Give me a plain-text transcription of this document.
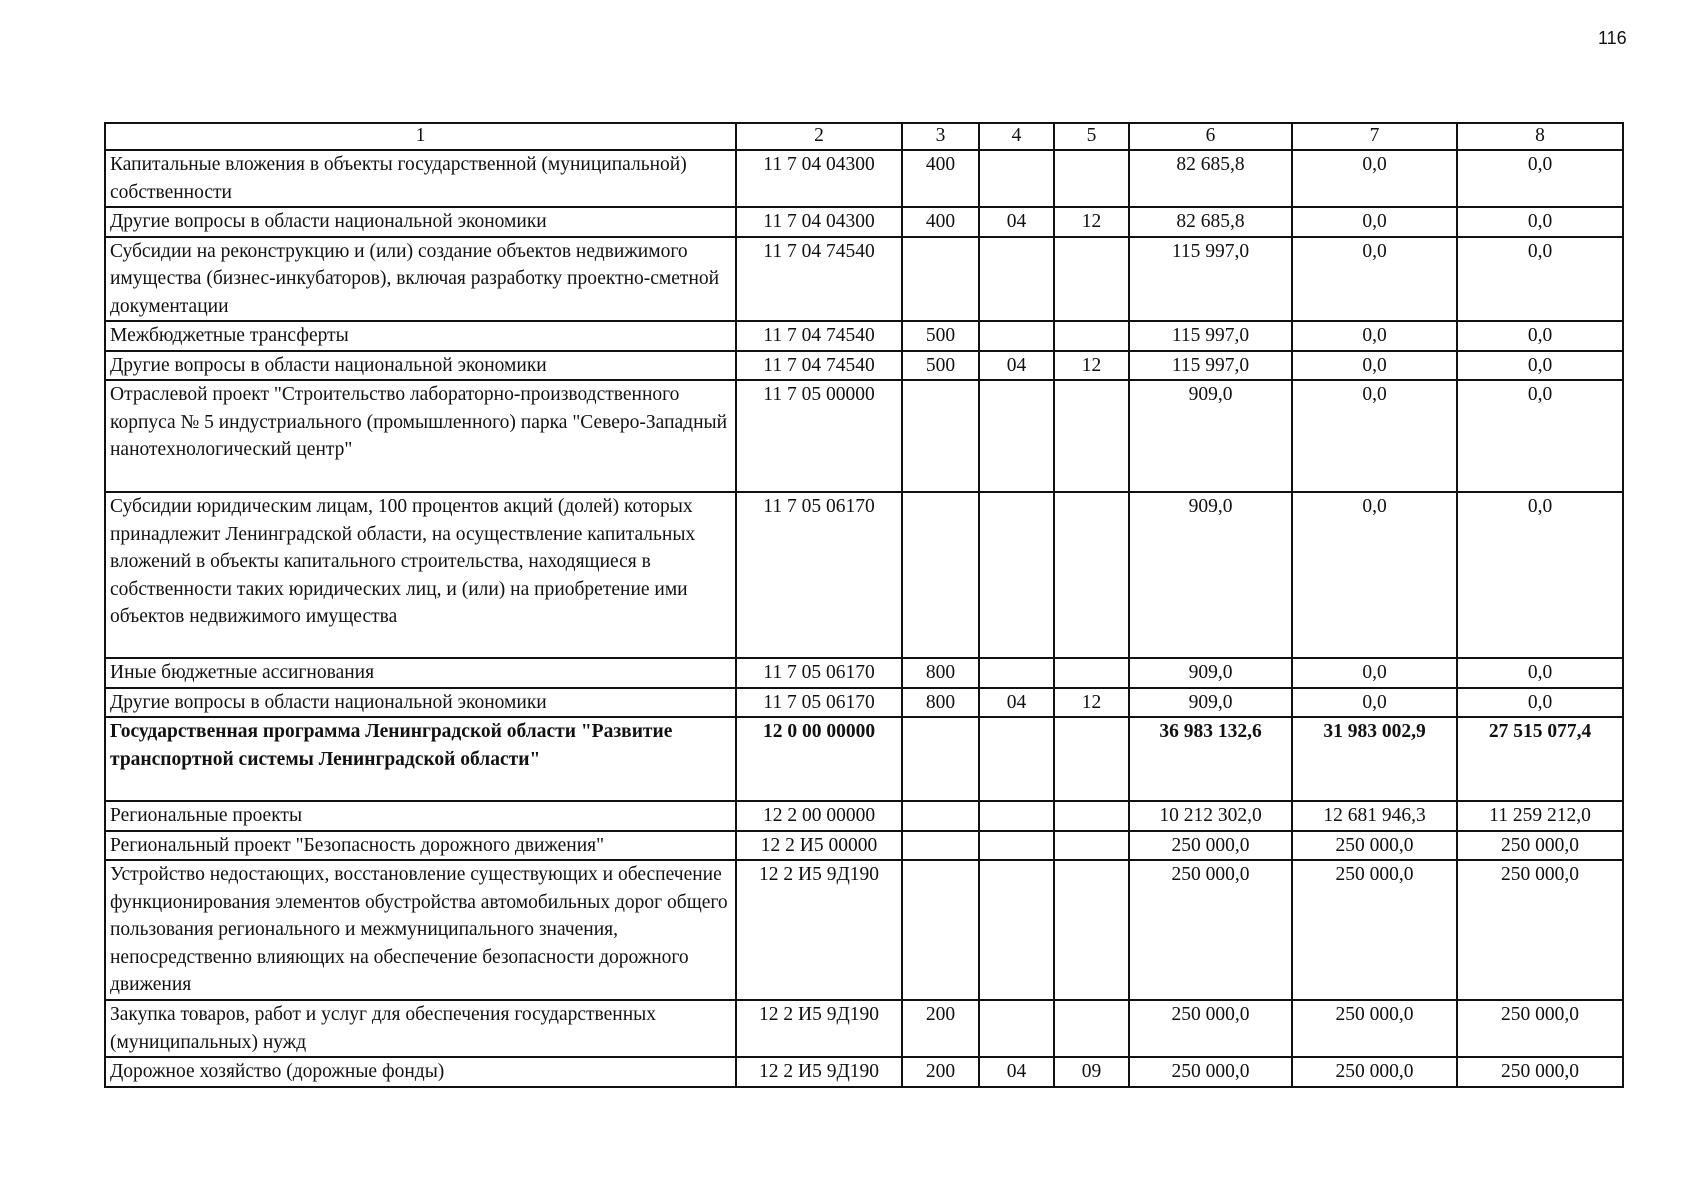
116
1	2	3	4	5	6	7	8
Капитальные вложения в объекты государственной (муниципальной) собственности	11 7 04 04300	400			82 685,8	0,0	0,0
Другие вопросы в области национальной экономики	11 7 04 04300	400	04	12	82 685,8	0,0	0,0
Субсидии на реконструкцию и (или) создание объектов недвижимого имущества (бизнес-инкубаторов), включая разработку проектно-сметной документации	11 7 04 74540				115 997,0	0,0	0,0
Межбюджетные трансферты	11 7 04 74540	500			115 997,0	0,0	0,0
Другие вопросы в области национальной экономики	11 7 04 74540	500	04	12	115 997,0	0,0	0,0
Отраслевой проект "Строительство лабораторно-производственного корпуса № 5 индустриального (промышленного) парка "Северо-Западный нанотехнологический центр"	11 7 05 00000				909,0	0,0	0,0
Субсидии юридическим лицам, 100 процентов акций (долей) которых принадлежит Ленинградской области, на осуществление капитальных вложений в объекты капитального строительства, находящиеся в собственности таких юридических лиц, и (или) на приобретение ими объектов недвижимого имущества	11 7 05 06170				909,0	0,0	0,0
Иные бюджетные ассигнования	11 7 05 06170	800			909,0	0,0	0,0
Другие вопросы в области национальной экономики	11 7 05 06170	800	04	12	909,0	0,0	0,0
Государственная программа Ленинградской области "Развитие транспортной системы Ленинградской области"	12 0 00 00000				36 983 132,6	31 983 002,9	27 515 077,4
Региональные проекты	12 2 00 00000				10 212 302,0	12 681 946,3	11 259 212,0
Региональный проект "Безопасность дорожного движения"	12 2 И5 00000				250 000,0	250 000,0	250 000,0
Устройство недостающих, восстановление существующих и обеспечение функционирования элементов обустройства автомобильных дорог общего пользования регионального и межмуниципального значения, непосредственно влияющих на обеспечение безопасности дорожного движения	12 2 И5 9Д190				250 000,0	250 000,0	250 000,0
Закупка товаров, работ и услуг для обеспечения государственных (муниципальных) нужд	12 2 И5 9Д190	200			250 000,0	250 000,0	250 000,0
Дорожное хозяйство (дорожные фонды)	12 2 И5 9Д190	200	04	09	250 000,0	250 000,0	250 000,0
